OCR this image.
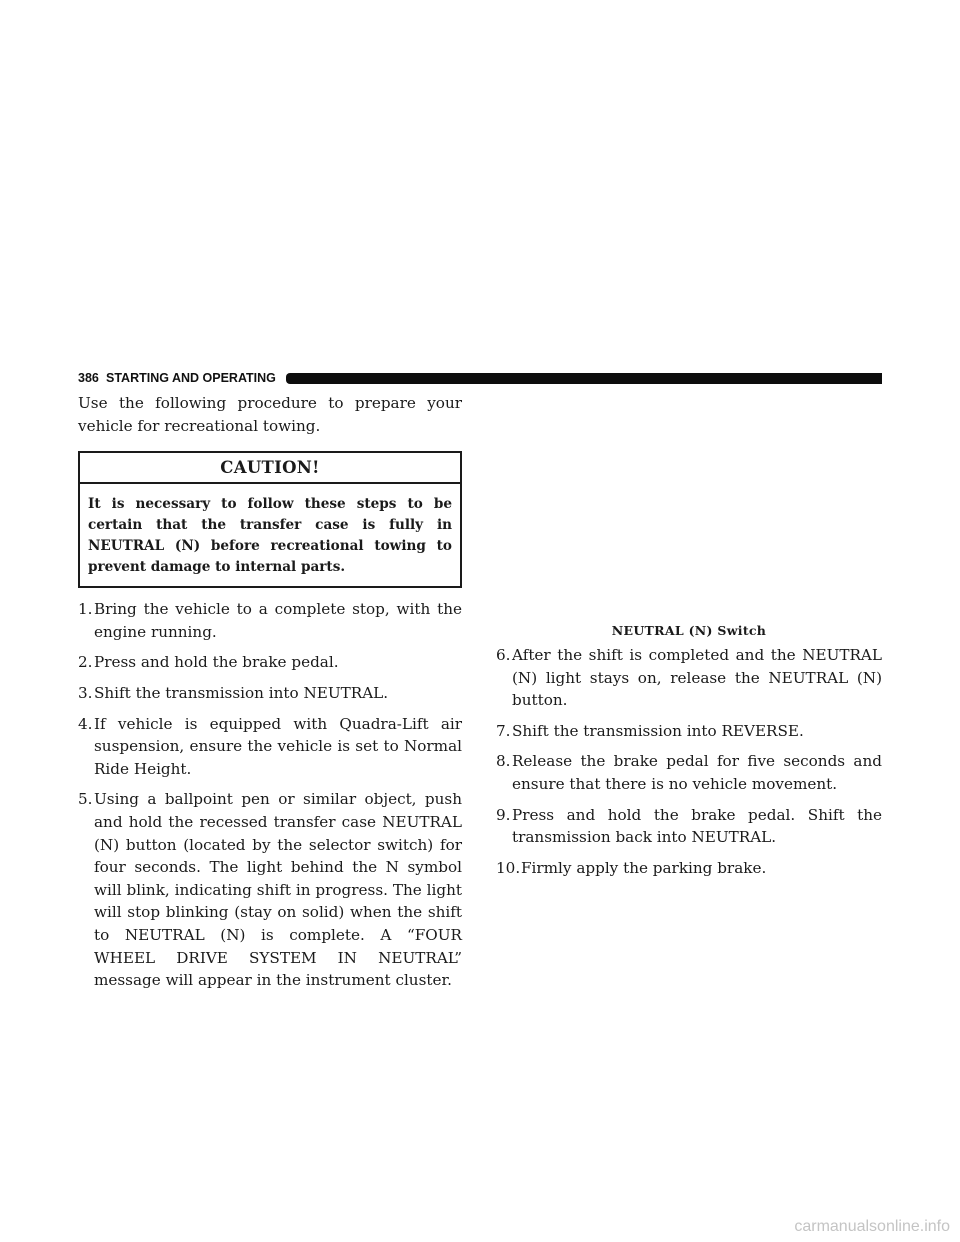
386 STARTING AND OPERATING

Use the following procedure to prepare your vehicle for recreational towing.

CAUTION!
It is necessary to follow these steps to be certain that the transfer case is fully in NEUTRAL (N) before recreational towing to prevent damage to internal parts.
1. Bring the vehicle to a complete stop, with the engine running.
2. Press and hold the brake pedal.
3. Shift the transmission into NEUTRAL.
4. If vehicle is equipped with Quadra-Lift air suspension, ensure the vehicle is set to Normal Ride Height.
5. Using a ballpoint pen or similar object, push and hold the recessed transfer case NEUTRAL (N) button (located by the selector switch) for four seconds. The light behind the N symbol will blink, indicating shift in progress. The light will stop blinking (stay on solid) when the shift to NEUTRAL (N) is complete. A “FOUR WHEEL DRIVE SYSTEM IN NEUTRAL” message will appear in the instrument cluster.
NEUTRAL (N) Switch
6. After the shift is completed and the NEUTRAL (N) light stays on, release the NEUTRAL (N) button.
7. Shift the transmission into REVERSE.
8. Release the brake pedal for five seconds and ensure that there is no vehicle movement.
9. Press and hold the brake pedal. Shift the transmission back into NEUTRAL.
10. Firmly apply the parking brake.
carmanualsonline.info
